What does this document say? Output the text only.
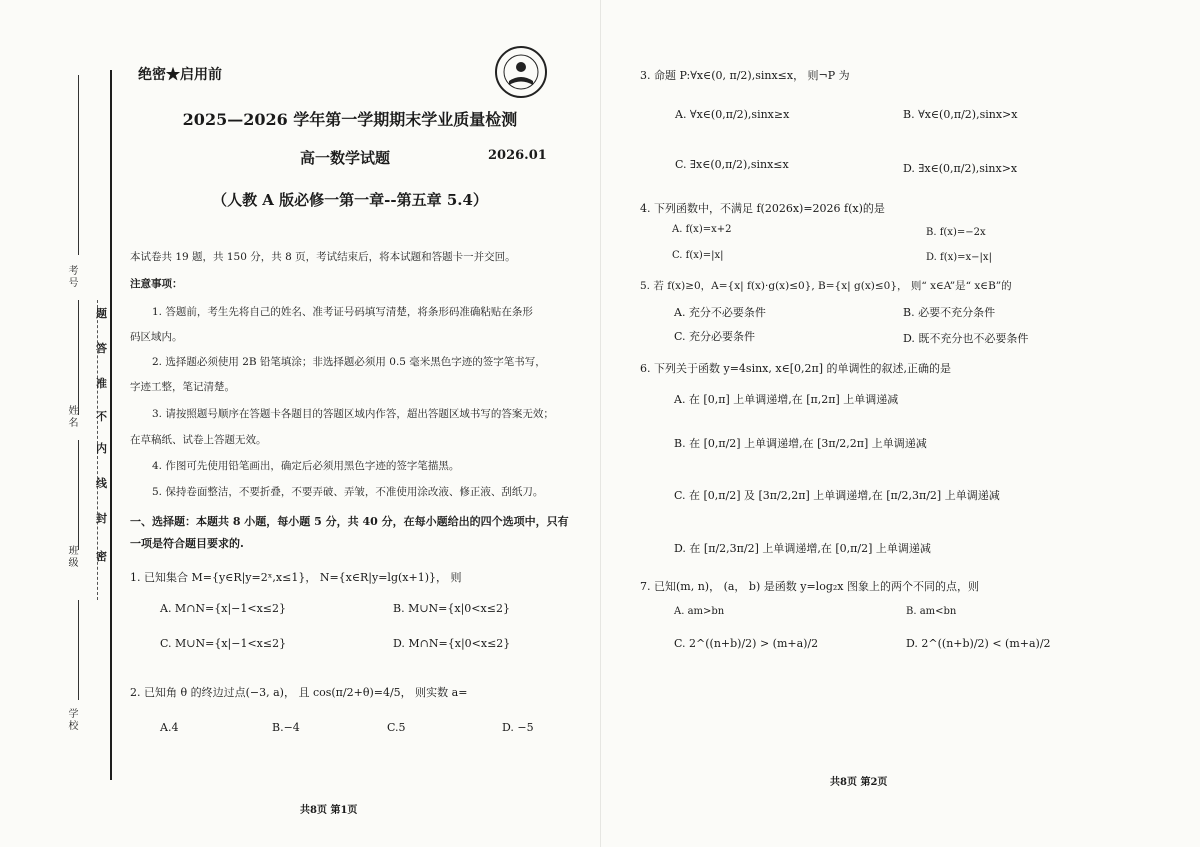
考号
姓名
班级
学校
题
答
准
不
内
线
封
密
绝密★启用前
2025—2026 学年第一学期期末学业质量检测
高一数学试题	2026.01
（人教 A 版必修一第一章--第五章 5.4）
本试卷共 19 题，共 150 分，共 8 页，考试结束后，将本试题和答题卡一并交回。
注意事项：
1. 答题前，考生先将自己的姓名、准考证号码填写清楚，将条形码准确粘贴在条形
码区域内。
2. 选择题必须使用 2B 铅笔填涂；非选择题必须用 0.5 毫米黑色字迹的签字笔书写，
字迹工整，笔记清楚。
3. 请按照题号顺序在答题卡各题目的答题区域内作答，超出答题区域书写的答案无效；
在草稿纸、试卷上答题无效。
4. 作图可先使用铅笔画出，确定后必须用黑色字迹的签字笔描黑。
5. 保持卷面整洁，不要折叠，不要弄破、弄皱，不准使用涂改液、修正液、刮纸刀。
一、选择题：本题共 8 小题，每小题 5 分，共 40 分，在每小题给出的四个选项中，只有
一项是符合题目要求的.
1. 已知集合 M={y∈R|y=2ˣ,x≤1}， N={x∈R|y=lg(x+1)}， 则
A. M∩N={x|−1<x≤2}	B. M∪N={x|0<x≤2}
C. M∪N={x|−1<x≤2}	D. M∩N={x|0<x≤2}
2. 已知角 θ 的终边过点(−3, a)， 且 cos(π/2+θ)=4/5， 则实数 a=
A.4	B.−4	C.5	D. −5
共8页 第1页
3. 命题 P:∀x∈(0, π/2),sinx≤x， 则¬P 为
A. ∀x∈(0,π/2),sinx≥x	B. ∀x∈(0,π/2),sinx>x
C. ∃x∈(0,π/2),sinx≤x	D. ∃x∈(0,π/2),sinx>x
4. 下列函数中，不满足 f(2026x)=2026 f(x)的是
A. f(x)=x+2	B. f(x)=−2x
C. f(x)=|x|	D. f(x)=x−|x|
5. 若 f(x)≥0，A={x| f(x)·g(x)≤0}, B={x| g(x)≤0}， 则“ x∈A”是“ x∈B”的
A. 充分不必要条件	B. 必要不充分条件
C. 充分必要条件	D. 既不充分也不必要条件
6. 下列关于函数 y=4sinx, x∈[0,2π] 的单调性的叙述,正确的是
A. 在 [0,π] 上单调递增,在 [π,2π] 上单调递减
B. 在 [0,π/2] 上单调递增,在 [3π/2,2π] 上单调递减
C. 在 [0,π/2] 及 [3π/2,2π] 上单调递增,在 [π/2,3π/2] 上单调递减
D. 在 [π/2,3π/2] 上单调递增,在 [0,π/2] 上单调递减
7. 已知(m, n)， (a， b) 是函数 y=log₂x 图象上的两个不同的点，则
A. am>bn	B. am<bn
C. 2^((n+b)/2) > (m+a)/2	D. 2^((n+b)/2) < (m+a)/2
共8页 第2页
